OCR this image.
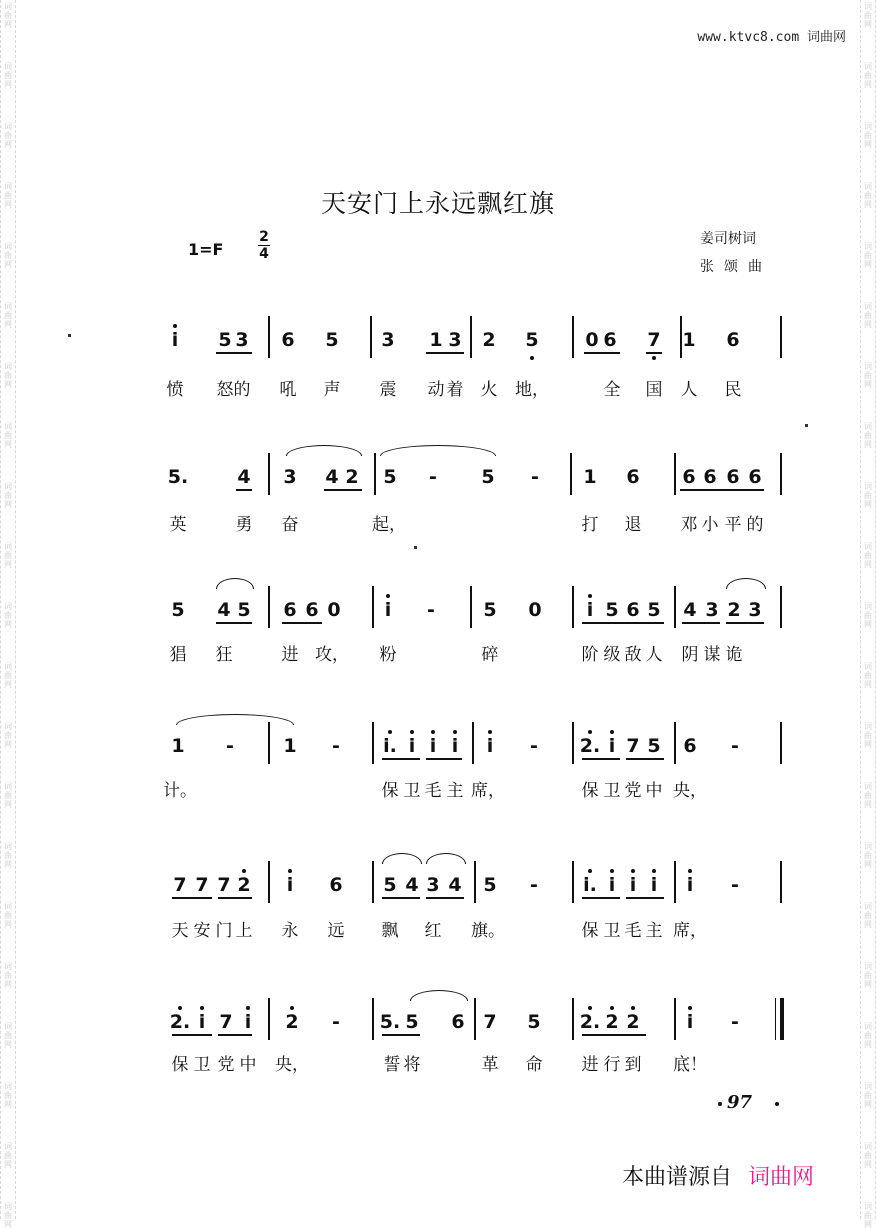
词
曲
网
词
曲
网
词
曲
网
词
曲
网
词
曲
网
词
曲
网
词
曲
网
词
曲
网
词
曲
网
词
曲
网
词
曲
网
词
曲
网
词
曲
网
词
曲
网
词
曲
网
词
曲
网
词
曲
网
词
曲
网
词
曲
网
词
曲
网
词
曲
网
词
曲
网
词
曲
网
词
曲
网
词
曲
网
词
曲
网
词
曲
网
词
曲
网
词
曲
网
词
曲
网
词
曲
网
词
曲
网
词
曲
网
词
曲
网
词
曲
网
词
曲
网
词
曲
网
词
曲
网
词
曲
网
词
曲
网
词
曲
网
词
曲
网
www.ktvc8.com 词曲网
天安门上永远飘红旗
1=F
2
4
姜司树词
张颂曲
i 5 3 6 5 3 1 3 2 5 0 6 7 1 6
愤 怒 的 吼 声 震 动 着 火 地，	全 国 人 民
5.	4 3 4 2 5 - 5 - 1 6 6 6 6 6
英	勇 奋	起，	打 退 邓 小 平 的
5 4 5 6 6 0 i -	5 0 i 5 6 5 4 3 2 3
猖 狂	进 攻， 粉	碎	阶 级 敌 人 阴 谋 诡
1 -	1 - i. i i i i - 2. i 7 5 6 -
计。	保 卫 毛 主 席，	保 卫 党 中 央，
7 7 7 2 i 6 5 4 3 4 5 - i. i i i i -
天 安 门 上 永 远 飘 红 旗。	保 卫 毛 主 席，
2. i 7 i 2 - 5. 5 6 7 5 2. 2 2 i -
保 卫 党 中 央，	誓 将	革 命 进 行 到 底！
97
本曲谱源自 词曲网
